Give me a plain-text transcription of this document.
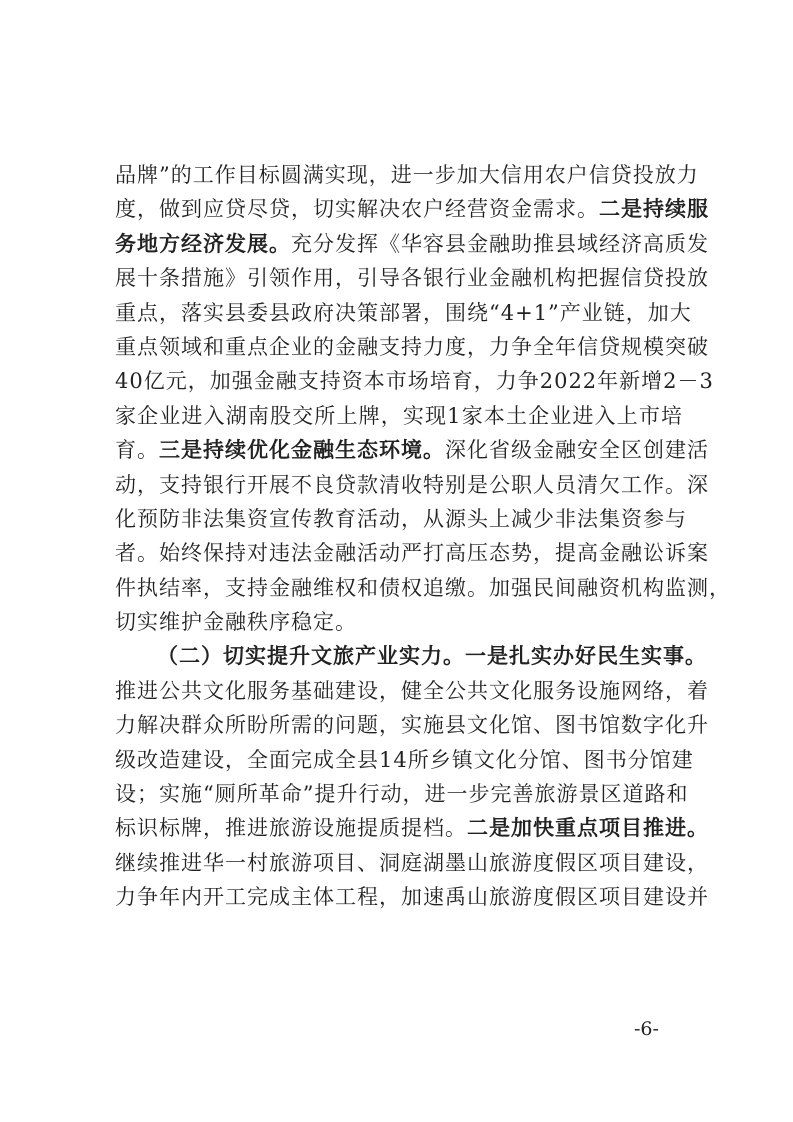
品牌”的工作目标圆满实现，进一步加大信用农户信贷投放力
度，做到应贷尽贷，切实解决农户经营资金需求。二是持续服
务地方经济发展。充分发挥《华容县金融助推县域经济高质发
展十条措施》引领作用，引导各银行业金融机构把握信贷投放
重点，落实县委县政府决策部署，围绕“4+1”产业链，加大
重点领域和重点企业的金融支持力度，力争全年信贷规模突破
40亿元，加强金融支持资本市场培育，力争2022年新增2－3
家企业进入湖南股交所上牌，实现1家本土企业进入上市培
育。三是持续优化金融生态环境。深化省级金融安全区创建活
动，支持银行开展不良贷款清收特别是公职人员清欠工作。深
化预防非法集资宣传教育活动，从源头上减少非法集资参与
者。始终保持对违法金融活动严打高压态势，提高金融讼诉案
件执结率，支持金融维权和债权追缴。加强民间融资机构监测，
切实维护金融秩序稳定。
（二）切实提升文旅产业实力。一是扎实办好民生实事。
推进公共文化服务基础建设，健全公共文化服务设施网络，着
力解决群众所盼所需的问题，实施县文化馆、图书馆数字化升
级改造建设，全面完成全县14所乡镇文化分馆、图书分馆建
设；实施“厕所革命”提升行动，进一步完善旅游景区道路和
标识标牌，推进旅游设施提质提档。二是加快重点项目推进。
继续推进华一村旅游项目、洞庭湖墨山旅游度假区项目建设，
力争年内开工完成主体工程，加速禹山旅游度假区项目建设并
-6-
